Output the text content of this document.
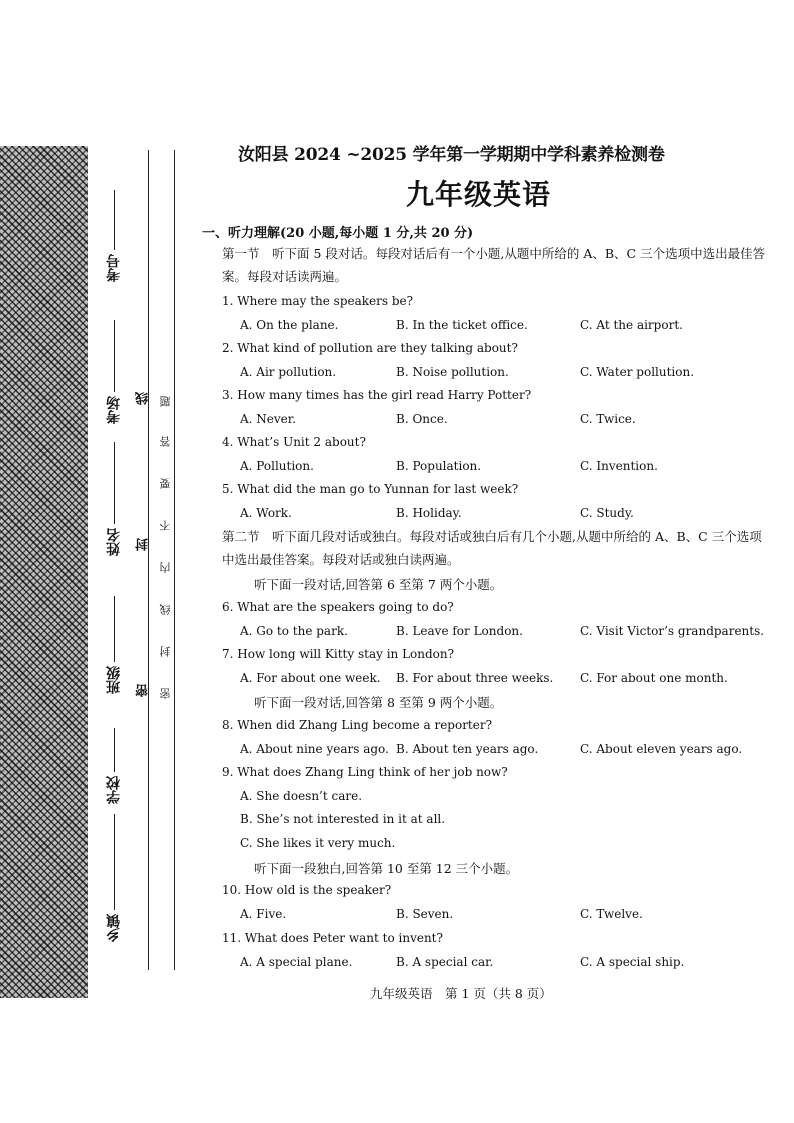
考号
考场
姓名
班级
学校
乡镇
线
封
密
题
答
要
不
内
线
封
密
汝阳县 2024 ~2025 学年第一学期期中学科素养检测卷
九年级英语
一、听力理解(20 小题,每小题 1 分,共 20 分)
第一节　听下面 5 段对话。每段对话后有一个小题,从题中所给的 A、B、C 三个选项中选出最佳答案。每段对话读两遍。
1. Where may the speakers be?
A. On the plane.	B. In the ticket office.	C. At the airport.
2. What kind of pollution are they talking about?
A. Air pollution.	B. Noise pollution.	C. Water pollution.
3. How many times has the girl read Harry Potter?
A. Never.	B. Once.	C. Twice.
4. What’s Unit 2 about?
A. Pollution.	B. Population.	C. Invention.
5. What did the man go to Yunnan for last week?
A. Work.	B. Holiday.	C. Study.
第二节　听下面几段对话或独白。每段对话或独白后有几个小题,从题中所给的 A、B、C 三个选项中选出最佳答案。每段对话或独白读两遍。
听下面一段对话,回答第 6 至第 7 两个小题。
6. What are the speakers going to do?
A. Go to the park.	B. Leave for London.	C. Visit Victor’s grandparents.
7. How long will Kitty stay in London?
A. For about one week. B. For about three weeks. C. For about one month.
听下面一段对话,回答第 8 至第 9 两个小题。
8. When did Zhang Ling become a reporter?
A. About nine years ago. B. About ten years ago.	C. About eleven years ago.
9. What does Zhang Ling think of her job now?
A. She doesn’t care.
B. She’s not interested in it at all.
C. She likes it very much.
听下面一段独白,回答第 10 至第 12 三个小题。
10. How old is the speaker?
A. Five.	B. Seven.	C. Twelve.
11. What does Peter want to invent?
A. A special plane.	B. A special car.	C. A special ship.
九年级英语　第 1 页（共 8 页）
